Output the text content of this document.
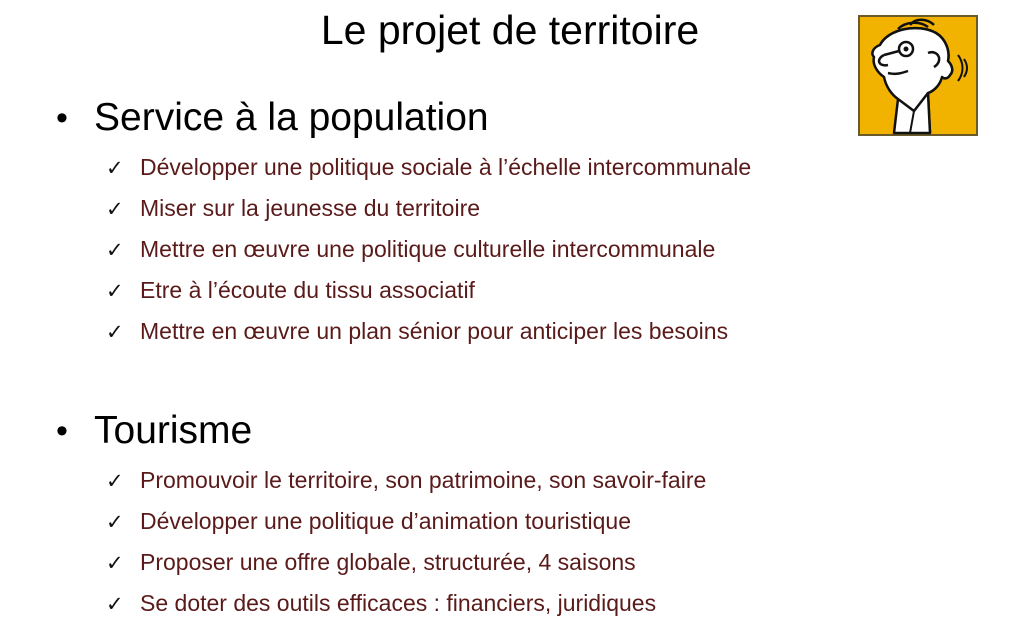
Le projet de territoire
• Service à la population
✓ Développer une politique sociale à l’échelle intercommunale
✓ Miser sur la jeunesse du territoire
✓ Mettre en œuvre une politique culturelle intercommunale
✓ Etre à l’écoute du tissu associatif
✓ Mettre en œuvre un plan sénior pour anticiper les besoins
• Tourisme
✓ Promouvoir le territoire, son patrimoine, son savoir-faire
✓ Développer une politique d’animation touristique
✓ Proposer une offre globale, structurée, 4 saisons
✓ Se doter des outils efficaces : financiers, juridiques
